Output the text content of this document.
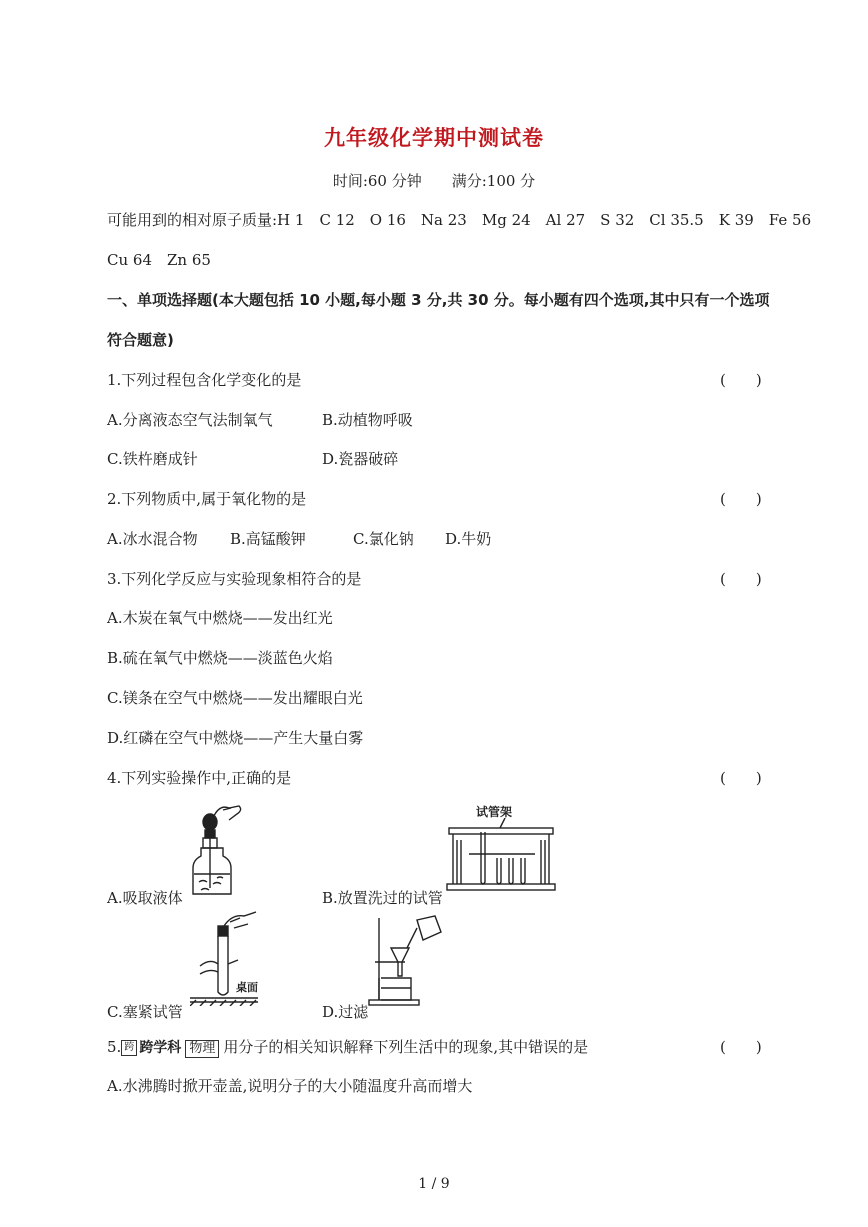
九年级化学期中测试卷
时间:60 分钟　　满分:100 分
可能用到的相对原子质量:H 1　C 12　O 16　Na 23　Mg 24　Al 27　S 32　Cl 35.5　K 39　Fe 56
Cu 64　Zn 65
一、单项选择题(本大题包括 10 小题,每小题 3 分,共 30 分。每小题有四个选项,其中只有一个选项
符合题意)
1.下列过程包含化学变化的是	(　　)
A.分离液态空气法制氧气	B.动植物呼吸
C.铁杵磨成针	D.瓷器破碎
2.下列物质中,属于氧化物的是	(　　)
A.冰水混合物 B.高锰酸钾	C.氯化钠 D.牛奶
3.下列化学反应与实验现象相符合的是	(　　)
A.木炭在氧气中燃烧——发出红光
B.硫在氧气中燃烧——淡蓝色火焰
C.镁条在空气中燃烧——发出耀眼白光
D.红磷在空气中燃烧——产生大量白雾
4.下列实验操作中,正确的是	(　　)
A.吸取液体
试管架
B.放置洗过的试管
桌面
C.塞紧试管	D.过滤
5. 跨 跨学科 物理 用分子的相关知识解释下列生活中的现象,其中错误的是	(　　)
A.水沸腾时掀开壶盖,说明分子的大小随温度升高而增大
1 / 9
